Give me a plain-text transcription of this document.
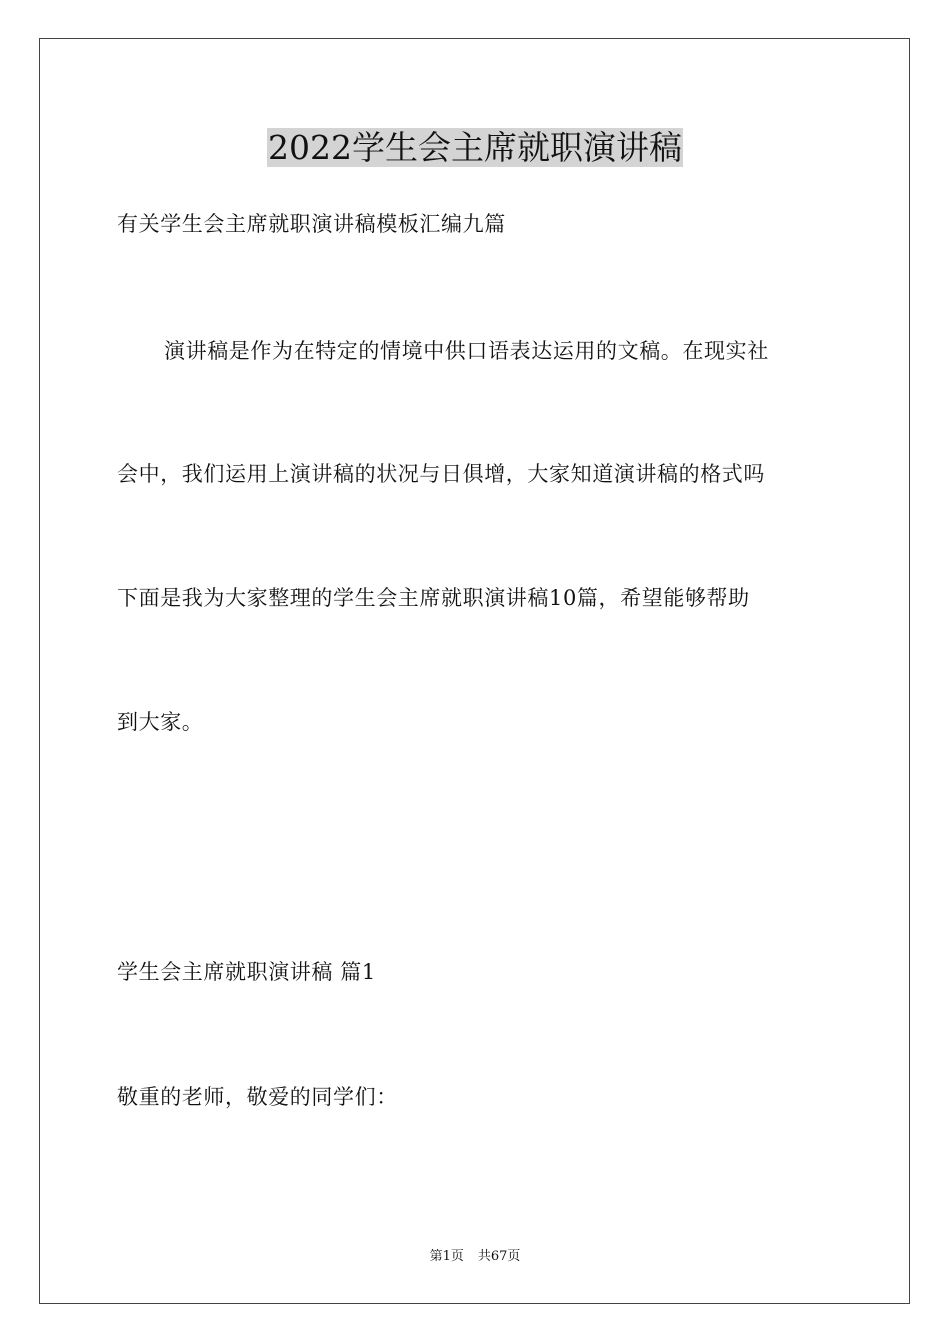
2022学生会主席就职演讲稿
有关学生会主席就职演讲稿模板汇编九篇
演讲稿是作为在特定的情境中供口语表达运用的文稿。在现实社
会中，我们运用上演讲稿的状况与日俱增，大家知道演讲稿的格式吗
下面是我为大家整理的学生会主席就职演讲稿10篇，希望能够帮助
到大家。
学生会主席就职演讲稿 篇1
敬重的老师，敬爱的同学们：
第1页 共67页
